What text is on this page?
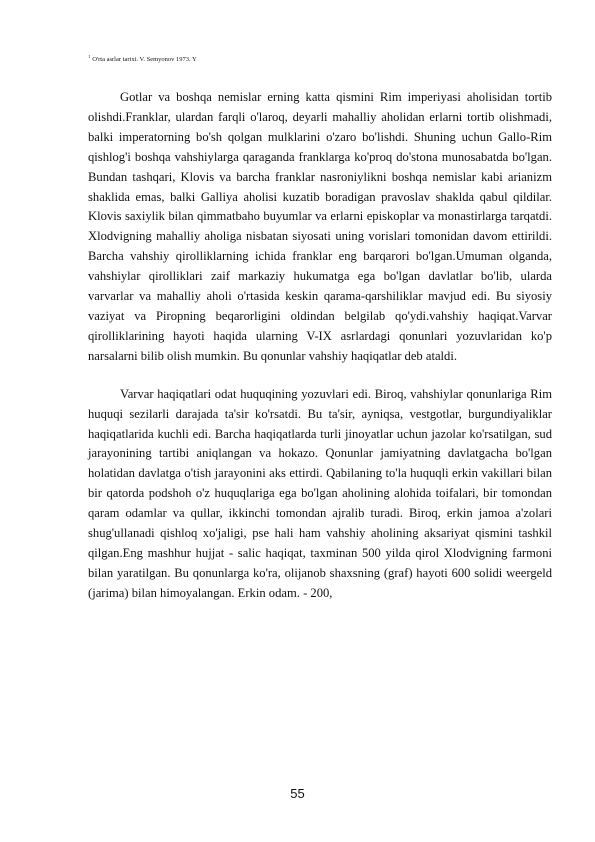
$^1$ O'rta asrlar tarixi. V. Semyonov 1973. Y

Gotlar va boshqa nemislar erning katta qismini Rim imperiyasi aholisidan tortib olishdi.Franklar, ulardan farqli o'laroq, deyarli mahalliy aholidan erlarni tortib olishmadi, balki imperatorning bo'sh qolgan mulklarini o'zaro bo'lishdi. Shuning uchun Gallo-Rim qishlog'i boshqa vahshiylarga qaraganda franklarga ko'proq do'stona munosabatda bo'lgan. Bundan tashqari, Klovis va barcha franklar nasroniylikni boshqa nemislar kabi arianizm shaklida emas, balki Galliya aholisi kuzatib boradigan pravoslav shaklda qabul qildilar. Klovis saxiylik bilan qimmatbaho buyumlar va erlarni episkoplar va monastirlarga tarqatdi. Xlodvigning mahalliy aholiga nisbatan siyosati uning vorislari tomonidan davom ettirildi. Barcha vahshiy qirolliklarning ichida franklar eng barqarori bo'lgan.Umuman olganda, vahshiylar qirolliklari zaif markaziy hukumatga ega bo'lgan davlatlar bo'lib, ularda varvarlar va mahalliy aholi o'rtasida keskin qarama-qarshiliklar mavjud edi. Bu siyosiy vaziyat va Piropning beqarorligini oldindan belgilab qo'ydi.vahshiy haqiqat.Varvar qirolliklarining hayoti haqida ularning V-IX asrlardagi qonunlari yozuvlaridan ko'p narsalarni bilib olish mumkin. Bu qonunlar vahshiy haqiqatlar deb ataldi.

Varvar haqiqatlari odat huquqining yozuvlari edi. Biroq, vahshiylar qonunlariga Rim huquqi sezilarli darajada ta'sir ko'rsatdi. Bu ta'sir, ayniqsa, vestgotlar, burgundiyaliklar haqiqatlarida kuchli edi. Barcha haqiqatlarda turli jinoyatlar uchun jazolar ko'rsatilgan, sud jarayonining tartibi aniqlangan va hokazo. Qonunlar jamiyatning davlatgacha bo'lgan holatidan davlatga o'tish jarayonini aks ettirdi. Qabilaning to'la huquqli erkin vakillari bilan bir qatorda podshoh o'z huquqlariga ega bo'lgan aholining alohida toifalari, bir tomondan qaram odamlar va qullar, ikkinchi tomondan ajralib turadi. Biroq, erkin jamoa a'zolari shug'ullanadi qishloq xo'jaligi, pse hali ham vahshiy aholining aksariyat qismini tashkil qilgan.Eng mashhur hujjat - salic haqiqat, taxminan 500 yilda qirol Xlodvigning farmoni bilan yaratilgan. Bu qonunlarga ko'ra, olijanob shaxsning (graf) hayoti 600 solidi weergeld (jarima) bilan himoyalangan. Erkin odam. - 200,

55
